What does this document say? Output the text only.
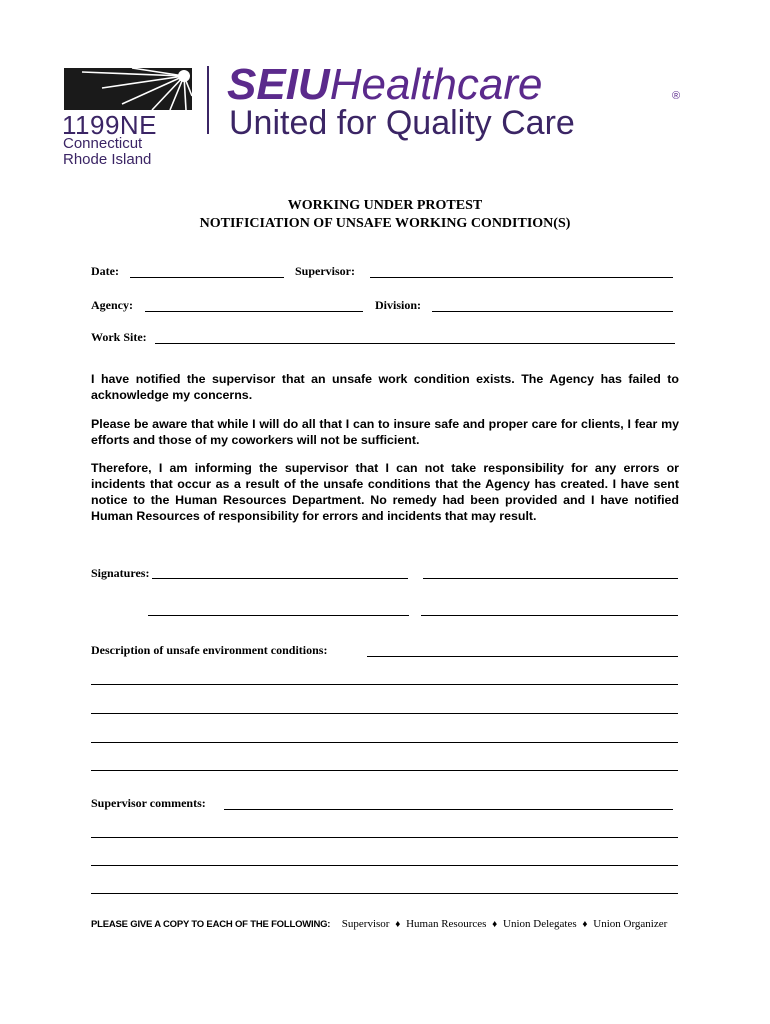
1199NE
Connecticut
Rhode Island
SEIUHealthcare	®
United for Quality Care
WORKING UNDER PROTEST
NOTIFICIATION OF UNSAFE WORKING CONDITION(S)
Date:	Supervisor:
Agency:	Division:
Work Site:
I have notified the supervisor that an unsafe work condition exists. The Agency has failed to acknowledge my concerns.
Please be aware that while I will do all that I can to insure safe and proper care for clients, I fear my efforts and those of my coworkers will not be sufficient.
Therefore, I am informing the supervisor that I can not take responsibility for any errors or incidents that occur as a result of the unsafe conditions that the Agency has created. I have sent notice to the Human Resources Department. No remedy had been provided and I have notified Human Resources of responsibility for errors and incidents that may result.
Signatures:
Description of unsafe environment conditions:
Supervisor comments:
PLEASE GIVE A COPY TO EACH OF THE FOLLOWING: Supervisor ♦ Human Resources ♦ Union Delegates ♦ Union Organizer
